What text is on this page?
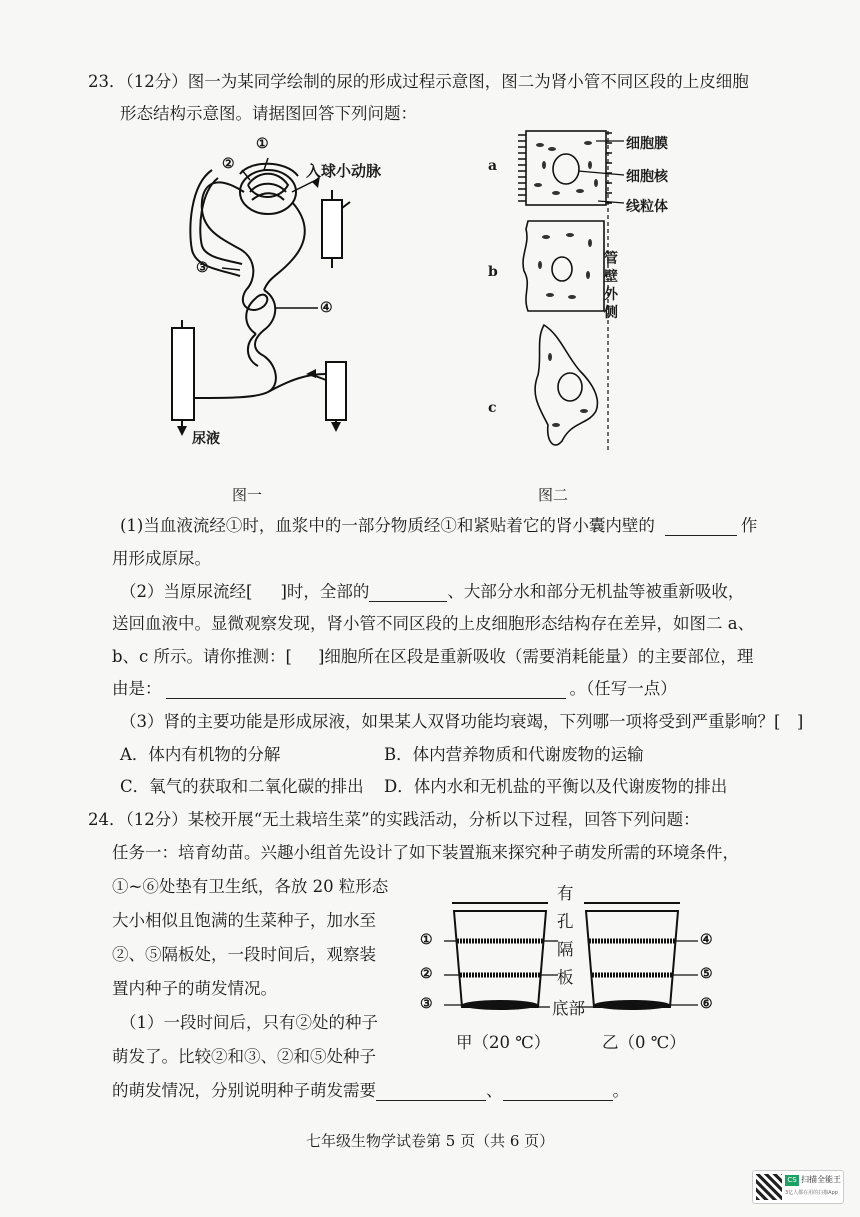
23．（12分）图一为某同学绘制的尿的形成过程示意图，图二为肾小管不同区段的上皮细胞
形态结构示意图。请据图回答下列问题：
①
②
③
④
入球小动脉
尿液
图一
a
b
c
细胞膜
细胞核
线粒体
管壁外侧
图二
(1)当血液流经①时，血浆中的一部分物质经①和紧贴着它的肾小囊内壁的	作
用形成原尿。
（2）当原尿流经[ ]时，全部的	、大部分水和部分无机盐等被重新吸收，
送回血液中。显微观察发现，肾小管不同区段的上皮细胞形态结构存在差异，如图二 a、
b、c 所示。请你推测：[ ]细胞所在区段是重新吸收（需要消耗能量）的主要部位，理
由是：	。（任写一点）
（3）肾的主要功能是形成尿液，如果某人双肾功能均衰竭，下列哪一项将受到严重影响？[　]
A．体内有机物的分解	B．体内营养物质和代谢废物的运输
C．氧气的获取和二氧化碳的排出 D．体内水和无机盐的平衡以及代谢废物的排出
24．（12分）某校开展“无土栽培生菜”的实践活动，分析以下过程，回答下列问题：
任务一：培育幼苗。兴趣小组首先设计了如下装置瓶来探究种子萌发所需的环境条件，
①~⑥处垫有卫生纸，各放 20 粒形态
大小相似且饱满的生菜种子，加水至
②、⑤隔板处，一段时间后，观察装
置内种子的萌发情况。
（1）一段时间后，只有②处的种子
萌发了。比较②和③、②和⑤处种子
的萌发情况，分别说明种子萌发需要	、	。
①
②
③
④
⑤
⑥
有
孔
隔
板
底部
甲（20 ℃）	乙（0 ℃）
七年级生物学试卷第 5 页（共 6 页）
CS 扫描全能王
3亿人都在用的扫描App
